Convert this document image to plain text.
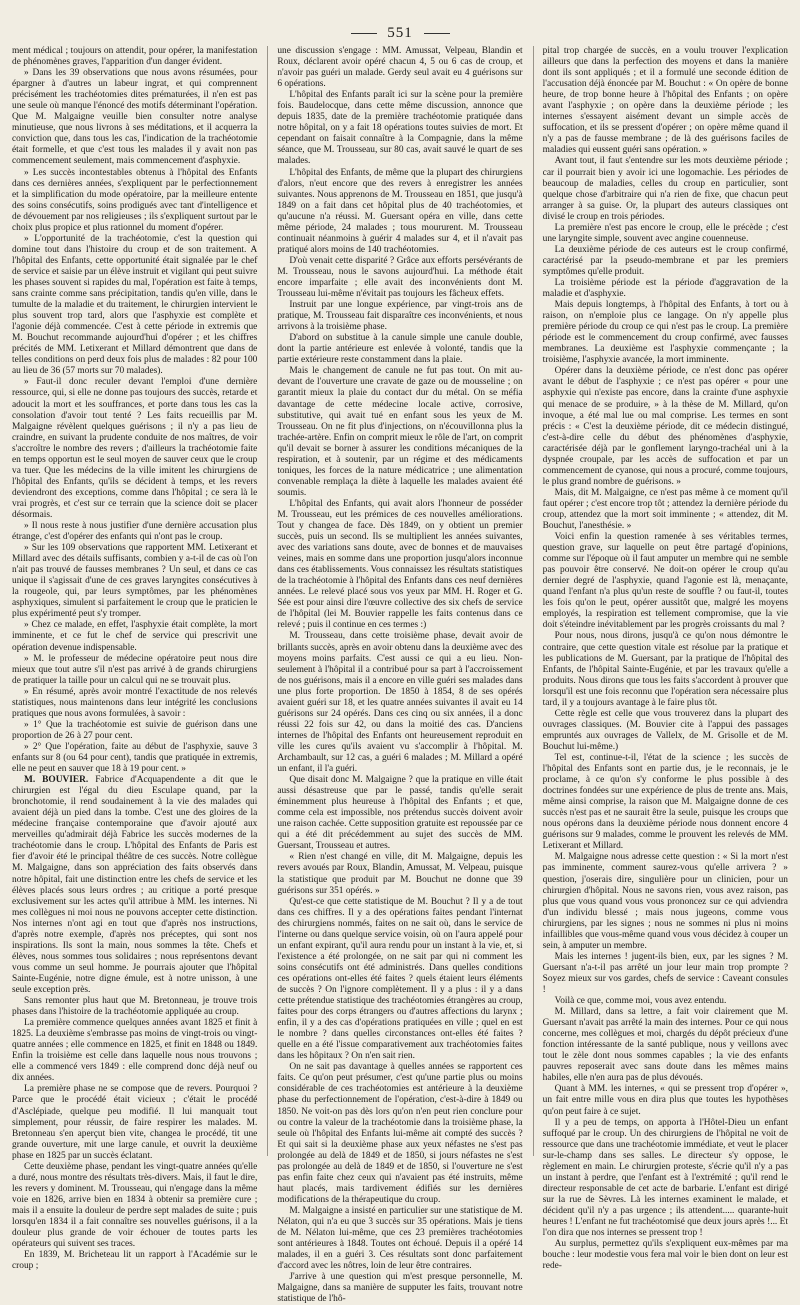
551

ment médical ; toujours on attendit, pour opérer, la manifestation de phénomènes graves, l'apparition d'un danger évident.

» Dans les 39 observations que nous avons résumées, pour épargner à d'autres un labeur ingrat, et qui comprennent précisément les trachéotomies dites prématurées, il n'en est pas une seule où manque l'énoncé des motifs déterminant l'opération. Que M. Malgaigne veuille bien consulter notre analyse minutieuse, que nous livrons à ses méditations, et il acquerra la conviction que, dans tous les cas, l'indication de la trachéotomie était formelle, et que c'est tous les malades il y avait non pas commencement seulement, mais commencement d'asphyxie.

» Les succès incontestables obtenus à l'hôpital des Enfants dans ces dernières années, s'expliquent par le perfectionnement et la simplification du mode opératoire, par la meilleure entente des soins consécutifs, soins prodigués avec tant d'intelligence et de dévouement par nos religieuses ; ils s'expliquent surtout par le choix plus propice et plus rationnel du moment d'opérer.

» L'opportunité de la trachéotomie, c'est la question qui domine tout dans l'histoire du croup et de son traitement. A l'hôpital des Enfants, cette opportunité était signalée par le chef de service et saisie par un élève instruit et vigilant qui peut suivre les phases souvent si rapides du mal, l'opération est faite à temps, sans crainte comme sans précipitation, tandis qu'en ville, dans le tumulte de la maladie et du traitement, le chirurgien intervient le plus souvent trop tard, alors que l'asphyxie est complète et l'agonie déjà commencée. C'est à cette période in extremis que M. Bouchut recommande aujourd'hui d'opérer ; et les chiffres précités de MM. Letixerant et Millard démontrent que dans de telles conditions on perd deux fois plus de malades : 82 pour 100 au lieu de 36 (57 morts sur 70 malades).

» Faut-il donc reculer devant l'emploi d'une dernière ressource, qui, si elle ne donne pas toujours des succès, retarde et adoucit la mort et les souffrances, et porte dans tous les cas la consolation d'avoir tout tenté ? Les faits recueillis par M. Malgaigne révèlent quelques guérisons ; il n'y a pas lieu de craindre, en suivant la prudente conduite de nos maîtres, de voir s'accroître le nombre des revers ; d'ailleurs la trachéotomie faite en temps opportun est le seul moyen de sauver ceux que le croup va tuer. Que les médecins de la ville imitent les chirurgiens de l'hôpital des Enfants, qu'ils se décident à temps, et les revers deviendront des exceptions, comme dans l'hôpital ; ce sera là le vrai progrès, et c'est sur ce terrain que la science doit se placer désormais.

» Il nous reste à nous justifier d'une dernière accusation plus étrange, c'est d'opérer des enfants qui n'ont pas le croup.

» Sur les 109 observations que rapportent MM. Letixerant et Millard avec des détails suffisants, combien y a-t-il de cas où l'on n'ait pas trouvé de fausses membranes ? Un seul, et dans ce cas unique il s'agissait d'une de ces graves laryngites consécutives à la rougeole, qui, par leurs symptômes, par les phénomènes asphyxiques, simulent si parfaitement le croup que le praticien le plus expérimenté peut s'y tromper.

» Chez ce malade, en effet, l'asphyxie était complète, la mort imminente, et ce fut le chef de service qui prescrivit une opération devenue indispensable.

» M. le professeur de médecine opératoire peut nous dire mieux que tout autre s'il n'est pas arrivé à de grands chirurgiens de pratiquer la taille pour un calcul qui ne se trouvait plus.

» En résumé, après avoir montré l'exactitude de nos relevés statistiques, nous maintenons dans leur intégrité les conclusions pratiques que nous avons formulées, à savoir :

» 1° Que la trachéotomie est suivie de guérison dans une proportion de 26 à 27 pour cent.

» 2° Que l'opération, faite au début de l'asphyxie, sauve 3 enfants sur 8 (ou 64 pour cent), tandis que pratiquée in extremis, elle ne peut en sauver que 18 à 19 pour cent. »

M. BOUVIER. Fabrice d'Acquapendente a dit que le chirurgien est l'égal du dieu Esculape quand, par la bronchotomie, il rend soudainement à la vie des malades qui avaient déjà un pied dans la tombe. C'est une des gloires de la médecine française contemporaine que d'avoir ajouté aux merveilles qu'admirait déjà Fabrice les succès modernes de la trachéotomie dans le croup. L'hôpital des Enfants de Paris est fier d'avoir été le principal théâtre de ces succès. Notre collègue M. Malgaigne, dans son appréciation des faits observés dans notre hôpital, fait une distinction entre les chefs de service et les élèves placés sous leurs ordres ; au critique a porté presque exclusivement sur les actes qu'il attribue à MM. les internes. Ni mes collègues ni moi nous ne pouvons accepter cette distinction. Nos internes n'ont agi en tout que d'après nos instructions, d'après notre exemple, d'après nos préceptes, qui sont nos inspirations. Ils sont la main, nous sommes la tête. Chefs et élèves, nous sommes tous solidaires ; nous représentons devant vous comme un seul homme. Je pourrais ajouter que l'hôpital Sainte-Eugénie, notre digne émule, est à notre unisson, à une seule exception près.

Sans remonter plus haut que M. Bretonneau, je trouve trois phases dans l'histoire de la trachéotomie appliquée au croup.

La première commence quelques années avant 1825 et finit à 1825. La deuxième s'embrasse pas moins de vingt-trois ou vingt-quatre années ; elle commence en 1825, et finit en 1848 ou 1849. Enfin la troisième est celle dans laquelle nous nous trouvons ; elle a commencé vers 1849 : elle comprend donc déjà neuf ou dix années.

La première phase ne se compose que de revers. Pourquoi ? Parce que le procédé était vicieux ; c'était le procédé d'Asclépiade, quelque peu modifié. Il lui manquait tout simplement, pour réussir, de faire respirer les malades. M. Bretonneau s'en aperçut bien vite, changea le procédé, tit une grande ouverture, mit une large canule, et ouvrit la deuxième phase en 1825 par un succès éclatant.

Cette deuxième phase, pendant les vingt-quatre années qu'elle a duré, nous montre des résultats très-divers. Mais, il faut le dire, les revers y dominent. M. Trousseau, qui n'engage dans la même voie en 1826, arrive bien en 1834 à obtenir sa première cure ; mais il a ensuite la douleur de perdre sept malades de suite ; puis lorsqu'en 1834 il a fait connaître ses nouvelles guérisons, il a la douleur plus grande de voir échouer de toutes parts les opérateurs qui suivent ses traces.

En 1839, M. Bricheteau lit un rapport à l'Académie sur le croup ;

une discussion s'engage : MM. Amussat, Velpeau, Blandin et Roux, déclarent avoir opéré chacun 4, 5 ou 6 cas de croup, et n'avoir pas guéri un malade. Gerdy seul avait eu 4 guérisons sur 6 opérations.

L'hôpital des Enfants paraît ici sur la scène pour la première fois. Baudelocque, dans cette même discussion, annonce que depuis 1835, date de la première trachéotomie pratiquée dans notre hôpital, on y a fait 18 opérations toutes suivies de mort. Et cependant on faisait connaître à la Compagnie, dans la même séance, que M. Trousseau, sur 80 cas, avait sauvé le quart de ses malades.

L'hôpital des Enfants, de même que la plupart des chirurgiens d'alors, n'eut encore que des revers à enregistrer les années suivantes. Nous apprenons de M. Trousseau en 1851, que jusqu'à 1849 on a fait dans cet hôpital plus de 40 trachéotomies, et qu'aucune n'a réussi. M. Guersant opéra en ville, dans cette même période, 24 malades ; tous moururent. M. Trousseau continuait néanmoins à guérir 4 malades sur 4, et il n'avait pas pratiqué alors moins de 140 trachéotomies.

D'où venait cette disparité ? Grâce aux efforts persévérants de M. Trousseau, nous le savons aujourd'hui. La méthode était encore imparfaite ; elle avait des inconvénients dont M. Trousseau lui-même n'évitait pas toujours les fâcheux effets.

Instruit par une longue expérience, par vingt-trois ans de pratique, M. Trousseau fait disparaître ces inconvénients, et nous arrivons à la troisième phase.

D'abord on substitue à la canule simple une canule double, dont la partie antérieure est enlevée à volonté, tandis que la partie extérieure reste constamment dans la plaie.

Mais le changement de canule ne fut pas tout. On mit au-devant de l'ouverture une cravate de gaze ou de mousseline ; on garantit mieux la plaie du contact dur du métal. On se méfia davantage de cette médecine locale active, corrosive, substitutive, qui avait tué en enfant sous les yeux de M. Trousseau. On ne fit plus d'injections, on n'écouvillonna plus la trachée-artère. Enfin on comprit mieux le rôle de l'art, on comprit qu'il devait se borner à assurer les conditions mécaniques de la respiration, et à soutenir, par un régime et des médicaments toniques, les forces de la nature médicatrice ; une alimentation convenable remplaça la diète à laquelle les malades avaient été soumis.

L'hôpital des Enfants, qui avait alors l'honneur de posséder M. Trousseau, eut les prémices de ces nouvelles améliorations. Tout y changea de face. Dès 1849, on y obtient un premier succès, puis un second. Ils se multiplient les années suivantes, avec des variations sans doute, avec de bonnes et de mauvaises veines, mais en somme dans une proportion jusqu'alors inconnue dans ces établissements. Vous connaissez les résultats statistiques de la trachéotomie à l'hôpital des Enfants dans ces neuf dernières années. Le relevé placé sous vos yeux par MM. H. Roger et G. Sée est pour ainsi dire l'œuvre collective des six chefs de service de l'hôpital (lei M. Bouvier rappelle les faits contenus dans ce relevé ; puis il continue en ces termes :)

M. Trousseau, dans cette troisième phase, devait avoir de brillants succès, après en avoir obtenu dans la deuxième avec des moyens moins parfaits. C'est aussi ce qui a eu lieu. Non-seulement à l'hôpital il a contribué pour sa part à l'accroissement de nos guérisons, mais il a encore en ville guéri ses malades dans une plus forte proportion. De 1850 à 1854, 8 de ses opérés avaient guéri sur 18, et les quatre années suivantes il avait eu 14 guérisons sur 24 opérés. Dans ces cinq ou six années, il a donc réussi 22 fois sur 42, ou dans la moitié des cas. D'anciens internes de l'hôpital des Enfants ont heureusement reproduit en ville les cures qu'ils avaient vu s'accomplir à l'hôpital. M. Archambault, sur 12 cas, a guéri 6 malades ; M. Millard a opéré un enfant, il l'a guéri.

Que disait donc M. Malgaigne ? que la pratique en ville était aussi désastreuse que par le passé, tandis qu'elle serait éminemment plus heureuse à l'hôpital des Enfants ; et que, comme cela est impossible, nos prétendus succès doivent avoir une raison cachée. Cette supposition gratuite est repoussée par ce qui a été dit précédemment au sujet des succès de MM. Guersant, Trousseau et autres.

« Rien n'est changé en ville, dit M. Malgaigne, depuis les revers avoués par Roux, Blandin, Amussat, M. Velpeau, puisque la statistique que produit par M. Bouchut ne donne que 39 guérisons sur 351 opérés. »

Qu'est-ce que cette statistique de M. Bouchut ? Il y a de tout dans ces chiffres. Il y a des opérations faites pendant l'internat des chirurgiens nommés, faites on ne sait où, dans le service de l'interne ou dans quelque service voisin, où on l'aura appelé pour un enfant expirant, qu'il aura rendu pour un instant à la vie, et, si l'existence a été prolongée, on ne sait par qui ni comment les soins consécutifs ont été administrés. Dans quelles conditions ces opérations ont-elles été faites ? quels étaient leurs éléments de succès ? On l'ignore complètement. Il y a plus : il y a dans cette prétendue statistique des trachéotomies étrangères au croup, faites pour des corps étrangers ou d'autres affections du larynx ; enfin, il y a des cas d'opérations pratiquées en ville ; quel en est le nombre ? dans quelles circonstances ont-elles été faites ? quelle en a été l'issue comparativement aux trachéotomies faites dans les hôpitaux ? On n'en sait rien.

On ne sait pas davantage à quelles années se rapportent ces faits. Ce qu'on peut présumer, c'est qu'une partie plus ou moins considérable de ces trachéotomies est antérieure à la deuxième phase du perfectionnement de l'opération, c'est-à-dire à 1849 ou 1850. Ne voit-on pas dès lors qu'on n'en peut rien conclure pour ou contre la valeur de la trachéotomie dans la troisième phase, la seule où l'hôpital des Enfants lui-même ait compté des succès ? Et qui sait si la deuxième phase aux yeux néfastes ne s'est pas prolongée au delà de 1849 et de 1850, si jours néfastes ne s'est pas prolongée au delà de 1849 et de 1850, si l'ouverture ne s'est pas enfin faite chez ceux qui n'avaient pas été instruits, même haut placés, mais tardivement édifiés sur les dernières modifications de la thérapeutique du croup.

M. Malgaigne a insisté en particulier sur une statistique de M. Nélaton, qui n'a eu que 3 succès sur 35 opérations. Mais je tiens de M. Nélaton lui-même, que ces 23 premières trachéotomies sont antérieures à 1848. Toutes ont échoué. Depuis il a opéré 14 malades, il en a guéri 3. Ces résultats sont donc parfaitement d'accord avec les nôtres, loin de leur être contraires.

J'arrive à une question qui m'est presque personnelle, M. Malgaigne, dans sa manière de supputer les faits, trouvant notre statistique de l'hô-

pital trop chargée de succès, en a voulu trouver l'explication ailleurs que dans la perfection des moyens et dans la manière dont ils sont appliqués ; et il a formulé une seconde édition de l'accusation déjà énoncée par M. Bouchut : « On opère de bonne heure, de trop bonne heure à l'hôpital des Enfants ; on opère avant l'asphyxie ; on opère dans la deuxième période ; les internes s'essayent aisément devant un simple accès de suffocation, et ils se pressent d'opérer ; on opère même quand il n'y a pas de fausse membrane ; de là des guérisons faciles de maladies qui eussent guéri sans opération. »

Avant tout, il faut s'entendre sur les mots deuxième période ; car il pourrait bien y avoir ici une logomachie. Les périodes de beaucoup de maladies, celles du croup en particulier, sont quelque chose d'arbitraire qui n'a rien de fixe, que chacun peut arranger à sa guise. Or, la plupart des auteurs classiques ont divisé le croup en trois périodes.

La première n'est pas encore le croup, elle le précède ; c'est une laryngite simple, souvent avec angine couenneuse.

La deuxième période de ces auteurs est le croup confirmé, caractérisé par la pseudo-membrane et par les premiers symptômes qu'elle produit.

La troisième période est la période d'aggravation de la maladie et d'asphyxie.

Mais depuis longtemps, à l'hôpital des Enfants, à tort ou à raison, on n'emploie plus ce langage. On n'y appelle plus première période du croup ce qui n'est pas le croup. La première période est le commencement du croup confirmé, avec fausses membranes. La deuxième est l'asphyxie commençante ; la troisième, l'asphyxie avancée, la mort imminente.

Opérer dans la deuxième période, ce n'est donc pas opérer avant le début de l'asphyxie ; ce n'est pas opérer « pour une asphyxie qui n'existe pas encore, dans la crainte d'une asphyxie qui menace de se produire, » à la thèse de M. Millard, qu'on invoque, a été mal lue ou mal comprise. Les termes en sont précis : « C'est la deuxième période, dit ce médecin distingué, c'est-à-dire celle du début des phénomènes d'asphyxie, caractérisée déjà par le gonflement laryngo-trachéal uni à la dyspnée croupale, par les accès de suffocation et par un commencement de cyanose, qui nous a procuré, comme toujours, le plus grand nombre de guérisons. »

Mais, dit M. Malgaigne, ce n'est pas même à ce moment qu'il faut opérer ; c'est encore trop tôt ; attendez la dernière période du croup, attendez que la mort soit imminente ; « attendez, dit M. Bouchut, l'anesthésie. »

Voici enfin la question ramenée à ses véritables termes, question grave, sur laquelle on peut être partagé d'opinions, comme sur l'époque où il faut amputer un membre qui ne semble pas pouvoir être conservé. Ne doit-on opérer le croup qu'au dernier degré de l'asphyxie, quand l'agonie est là, menaçante, quand l'enfant n'a plus qu'un reste de souffle ? ou faut-il, toutes les fois qu'on le peut, opérer aussitôt que, malgré les moyens employés, la respiration est tellement compromise, que la vie doit s'éteindre inévitablement par les progrès croissants du mal ?

Pour nous, nous dirons, jusqu'à ce qu'on nous démontre le contraire, que cette question vitale est résolue par la pratique et les publications de M. Guersant, par la pratique de l'hôpital des Enfants, de l'hôpital Sainte-Eugénie, et par les travaux qu'elle a produits. Nous dirons que tous les faits s'accordent à prouver que lorsqu'il est une fois reconnu que l'opération sera nécessaire plus tard, il y a toujours avantage à le faire plus tôt.

Cette règle est celle que vous trouverez dans la plupart des ouvrages classiques. (M. Bouvier cite à l'appui des passages empruntés aux ouvrages de Vallelx, de M. Grisolle et de M. Bouchut lui-même.)

Tel est, continue-t-il, l'état de la science ; les succès de l'hôpital des Enfants sont en partie dus, je le reconnais, je le proclame, à ce qu'on s'y conforme le plus possible à des doctrines fondées sur une expérience de plus de trente ans. Mais, même ainsi comprise, la raison que M. Malgaigne donne de ces succès n'est pas et ne saurait être la seule, puisque les croups que nous opérons dans la deuxième période nous donnent encore 4 guérisons sur 9 malades, comme le prouvent les relevés de MM. Letixerant et Millard.

M. Malgaigne nous adresse cette question : « Si la mort n'est pas imminente, comment saurez-vous qu'elle arrivera ? » question, j'oserais dire, singulière pour un clinicien, pour un chirurgien d'hôpital. Nous ne savons rien, vous avez raison, pas plus que vous quand vous vous prononcez sur ce qui adviendra d'un individu blessé ; mais nous jugeons, comme vous chirurgiens, par les signes ; nous ne sommes ni plus ni moins infaillibles que vous-même quand vous vous décidez à couper un sein, à amputer un membre.

Mais les internes ! jugent-ils bien, eux, par les signes ? M. Guersant n'a-t-il pas arrêté un jour leur main trop prompte ? Soyez mieux sur vos gardes, chefs de service : Caveant consules !

Voilà ce que, comme moi, vous avez entendu.

M. Millard, dans sa lettre, a fait voir clairement que M. Guersant n'avait pas arrêté la main des internes. Pour ce qui nous concerne, mes collègues et moi, chargés du dépôt précieux d'une fonction intéressante de la santé publique, nous y veillons avec tout le zèle dont nous sommes capables ; la vie des enfants pauvres reposerait avec sans doute dans les mêmes mains habiles, elle n'en aura pas de plus dévoués.

Quant à MM. les internes, « qui se pressent trop d'opérer », un fait entre mille vous en dira plus que toutes les hypothèses qu'on peut faire à ce sujet.

Il y a peu de temps, on apporta à l'Hôtel-Dieu un enfant suffoqué par le croup. Un des chirurgiens de l'hôpital ne voit de ressource que dans une trachéotomie immédiate, et veut le placer sur-le-champ dans ses salles. Le directeur s'y oppose, le règlement en main. Le chirurgien proteste, s'écrie qu'il n'y a pas un instant à perdre, que l'enfant est à l'extrémité ; qu'il rend le directeur responsable de cet acte de barbarie. L'enfant est dirigé sur la rue de Sèvres. Là les internes examinent le malade, et décident qu'il n'y a pas urgence ; ils attendent..... quarante-huit heures ! L'enfant ne fut trachéotomisé que deux jours après !... Et l'on dira que nos internes se pressent trop !

Au surplus, permettez qu'ils s'expliquent eux-mêmes par ma bouche : leur modestie vous fera mal voir le bien dont on leur est rede-
